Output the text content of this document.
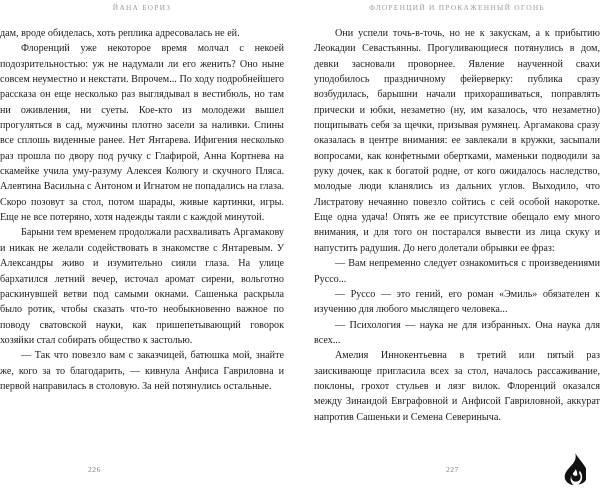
ЙАНА БОРИЗ

дам, вроде обиделась, хоть реплика адресовалась не ей.

Флоренций уже некоторое время молчал с некоей подозрительностью: уж не надумали ли его женить? Оно ныне совсем неуместно и некстати. Впрочем... По ходу подробнейшего рассказа он еще несколько раз выглядывал в вестибюль, но там ни оживления, ни суеты. Кое-кто из молодежи вышел прогуляться в сад, мужчины плотно засели за наливки. Спины все сплошь виденные ранее. Нет Янтарева. Ифигения несколько раз прошла по двору под ручку с Глафирой, Анна Кортнева на скамейке учила уму-разуму Алексея Колюгу и скучного Пляса. Алевтина Васильна с Антоном и Игнатом не попадались на глаза. Скоро позовут за стол, потом шарады, живые картинки, игры. Еще не все потеряно, хотя надежды таяли с каждой минутой.

Барыни тем временем продолжали расхваливать Аргамакову и никак не желали содействовать в знакомстве с Янтаревым. У Александры живо и изумительно сияли глаза. На улице бархатился летний вечер, источал аромат сирени, вольготно раскинувшей ветви под самыми окнами. Сашенька раскрыла было ротик, чтобы сказать что-то необыкновенно важное по поводу сватовской науки, как пришепетывающий говорок хозяйки стал собирать общество к застолью.

— Так что повезло вам с заказчицей, батюшка мой, знайте же, кого за то благодарить, — кивнула Анфиса Гавриловна и первой направилась в столовую. За ней потянулись остальные.

226
ФЛОРЕНЦИЙ И ПРОКАЖЕННЫЙ ОГОНЬ

Они успели точь-в-точь, но не к закускам, а к прибытию Леокадии Севастьянны. Прогуливающиеся потянулись в дом, девки засновали проворнее. Явление наученной свахи уподобилось праздничному фейерверку: публика сразу возбудилась, барышни начали прихорашиваться, поправлять прически и юбки, незаметно (ну, им казалось, что незаметно) пощипывать себя за щечки, призывая румянец. Аргамакова сразу оказалась в центре внимания: ее завлекали в кружки, засыпали вопросами, как конфетными обертками, маменьки подводили за руку дочек, как к богатой родне, от кого ожидалось наследство, молодые люди кланялись из дальних углов. Выходило, что Листратову нечаянно повезло сойтись с сей особой накоротке. Еще одна удача! Опять же ее присутствие обещало ему много внимания, и для того он постарался вывести из лица скуку и напустить радушия. До него долетали обрывки ее фраз:

— Вам непременно следует ознакомиться с произведениями Руссо...

— Руссо — это гений, его роман «Эмиль» обязателен к изучению для любого мыслящего человека...

— Психология — наука не для избранных. Она наука для всех...

Амелия Иннокентьевна в третий или пятый раз заискивающе пригласила всех за стол, началось рассаживание, поклоны, грохот стульев и лязг вилок. Флоренций оказался между Зинаидой Евграфовной и Анфисой Гавриловной, аккурат напротив Сашеньки и Семена Севериныча.

227
